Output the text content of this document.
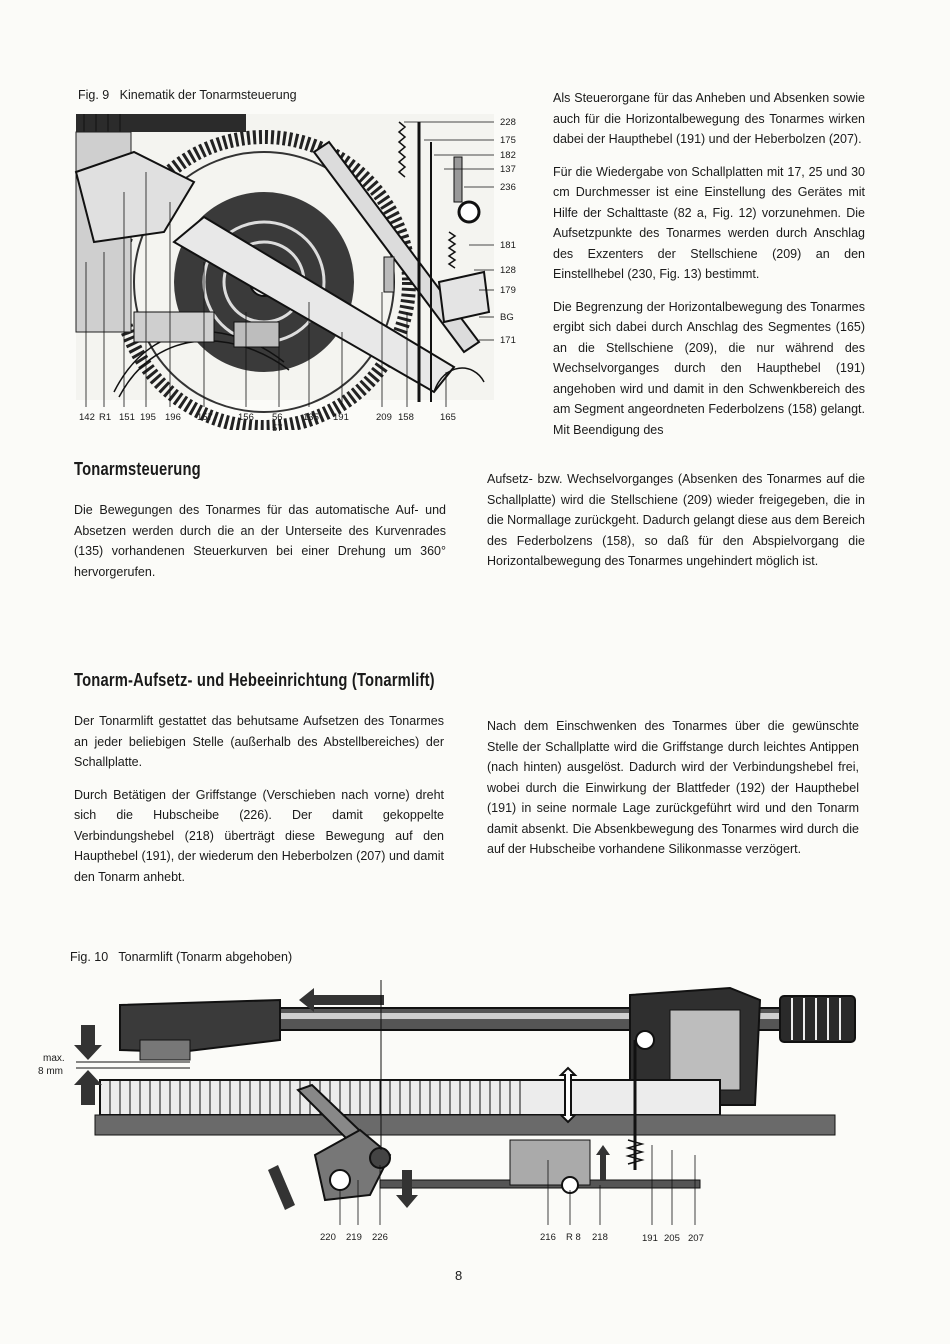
Fig. 9   Kinematik der Tonarmsteuerung
228
175
182
137
236
181
128
179
BG
171
142 R1 151 195 196 157	156 56
57
135 191	209 158	165
Tonarmsteuerung

Die Bewegungen des Tonarmes für das automatische Auf- und Absetzen werden durch die an der Unterseite des Kurvenrades (135) vorhandenen Steuerkurven bei einer Drehung um 360° hervorgerufen.

Als Steuerorgane für das Anheben und Absenken sowie auch für die Horizontalbewegung des Tonarmes wirken dabei der Haupthebel (191) und der Heberbolzen (207).

Für die Wiedergabe von Schallplatten mit 17, 25 und 30 cm Durchmesser ist eine Einstellung des Gerätes mit Hilfe der Schalttaste (82 a, Fig. 12) vorzunehmen. Die Aufsetzpunkte des Tonarmes werden durch Anschlag des Exzenters der Stellschiene (209) an den Einstellhebel (230, Fig. 13) bestimmt.

Die Begrenzung der Horizontalbewegung des Tonarmes ergibt sich dabei durch Anschlag des Segmentes (165) an die Stellschiene (209), die nur während des Wechselvorganges durch den Haupthebel (191) angehoben wird und damit in den Schwenkbereich des am Segment angeordneten Federbolzens (158) gelangt. Mit Beendigung des

Aufsetz- bzw. Wechselvorganges (Absenken des Tonarmes auf die Schallplatte) wird die Stellschiene (209) wieder freigegeben, die in die Normallage zurückgeht. Dadurch gelangt diese aus dem Bereich des Federbolzens (158), so daß für den Abspielvorgang die Horizontalbewegung des Tonarmes ungehindert möglich ist.

Tonarm-Aufsetz- und Hebeeinrichtung (Tonarmlift)

Der Tonarmlift gestattet das behutsame Aufsetzen des Tonarmes an jeder beliebigen Stelle (außerhalb des Abstellbereiches) der Schallplatte.

Durch Betätigen der Griffstange (Verschieben nach vorne) dreht sich die Hubscheibe (226). Der damit gekoppelte Verbindungshebel (218) überträgt diese Bewegung auf den Haupthebel (191), der wiederum den Heberbolzen (207) und damit den Tonarm anhebt.

Nach dem Einschwenken des Tonarmes über die gewünschte Stelle der Schallplatte wird die Griffstange durch leichtes Antippen (nach hinten) ausgelöst. Dadurch wird der Verbindungshebel frei, wobei durch die Einwirkung der Blattfeder (192) der Haupthebel (191) in seine normale Lage zurückgeführt wird und den Tonarm damit absenkt. Die Absenkbewegung des Tonarmes wird durch die auf der Hubscheibe vorhandene Silikonmasse verzögert.

Fig. 10   Tonarmlift (Tonarm abgehoben)
max.
8 mm
220 219 226	216 R 8 218	191 205 207
8
